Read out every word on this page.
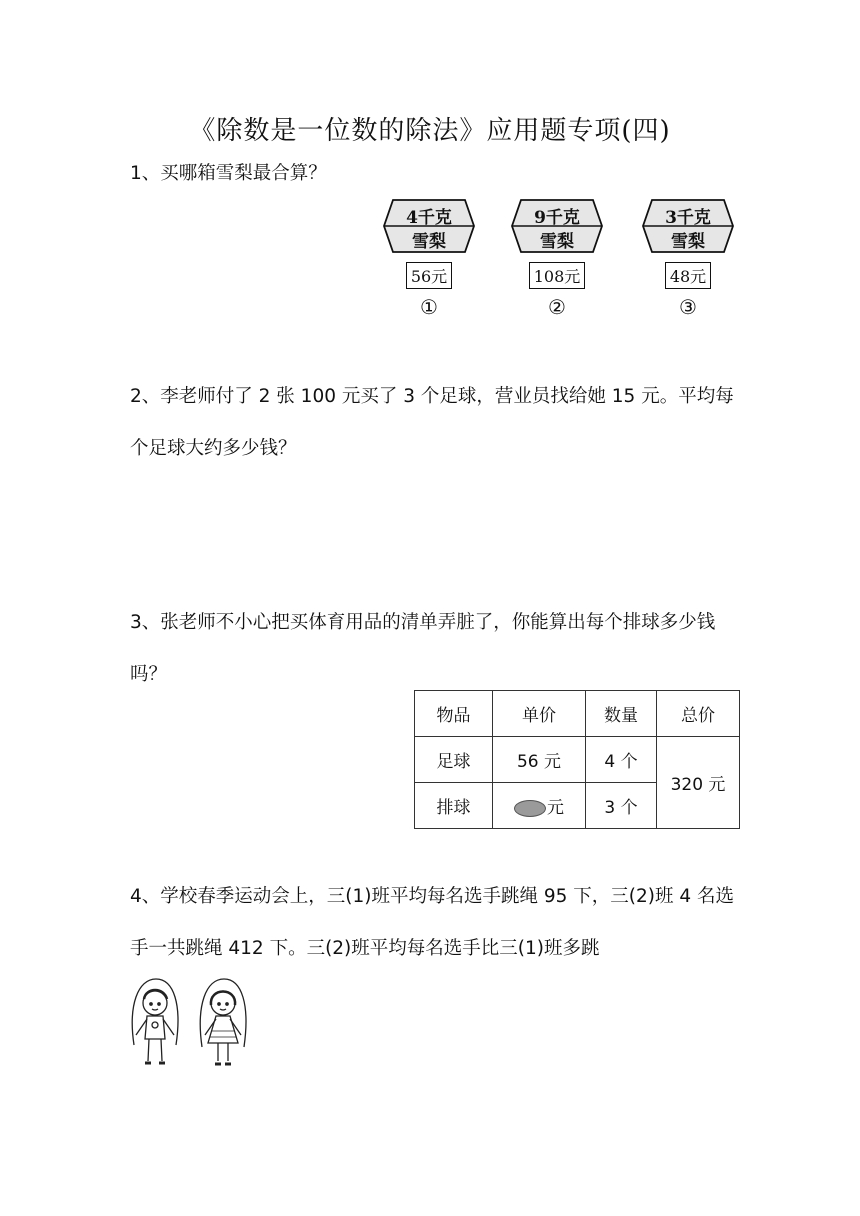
《除数是一位数的除法》应用题专项(四)
1、买哪箱雪梨最合算？
4千克
雪梨
56元
①
9千克
雪梨
108元
②
3千克
雪梨
48元
③
2、李老师付了 2 张 100 元买了 3 个足球，营业员找给她 15 元。平均每个足球大约多少钱？
3、张老师不小心把买体育用品的清单弄脏了，你能算出每个排球多少钱吗？
物品	单价	数量	总价
足球	56 元	4 个	320 元
排球	元	3 个	
4、学校春季运动会上，三(1)班平均每名选手跳绳 95 下，三(2)班 4 名选手一共跳绳 412 下。三(2)班平均每名选手比三(1)班多跳
